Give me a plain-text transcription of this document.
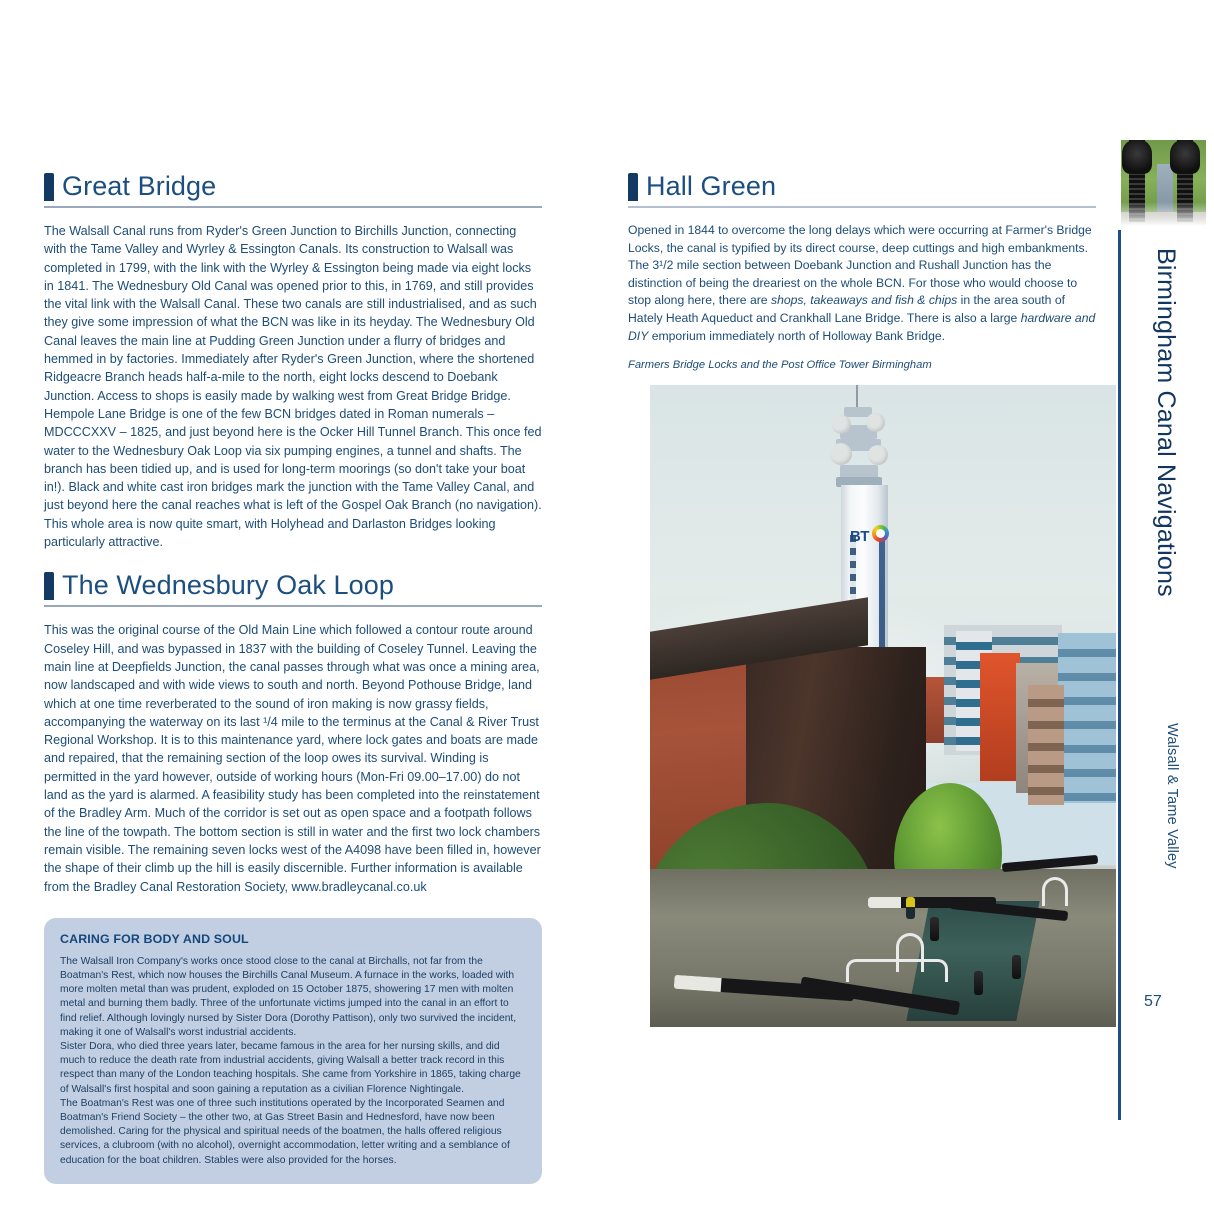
Great Bridge

The Walsall Canal runs from Ryder's Green Junction to Birchills Junction, connecting with the Tame Valley and Wyrley & Essington Canals. Its construction to Walsall was completed in 1799, with the link with the Wyrley & Essington being made via eight locks in 1841. The Wednesbury Old Canal was opened prior to this, in 1769, and still provides the vital link with the Walsall Canal. These two canals are still industrialised, and as such they give some impression of what the BCN was like in its heyday. The Wednesbury Old Canal leaves the main line at Pudding Green Junction under a flurry of bridges and hemmed in by factories. Immediately after Ryder's Green Junction, where the shortened Ridgeacre Branch heads half-a-mile to the north, eight locks descend to Doebank Junction. Access to shops is easily made by walking west from Great Bridge Bridge. Hempole Lane Bridge is one of the few BCN bridges dated in Roman numerals – MDCCCXXV – 1825, and just beyond here is the Ocker Hill Tunnel Branch. This once fed water to the Wednesbury Oak Loop via six pumping engines, a tunnel and shafts. The branch has been tidied up, and is used for long-term moorings (so don't take your boat in!). Black and white cast iron bridges mark the junction with the Tame Valley Canal, and just beyond here the canal reaches what is left of the Gospel Oak Branch (no navigation). This whole area is now quite smart, with Holyhead and Darlaston Bridges looking particularly attractive.

The Wednesbury Oak Loop

This was the original course of the Old Main Line which followed a contour route around Coseley Hill, and was bypassed in 1837 with the building of Coseley Tunnel. Leaving the main line at Deepfields Junction, the canal passes through what was once a mining area, now landscaped and with wide views to south and north. Beyond Pothouse Bridge, land which at one time reverberated to the sound of iron making is now grassy fields, accompanying the waterway on its last ¹/4 mile to the terminus at the Canal & River Trust Regional Workshop. It is to this maintenance yard, where lock gates and boats are made and repaired, that the remaining section of the loop owes its survival. Winding is permitted in the yard however, outside of working hours (Mon-Fri 09.00–17.00) do not land as the yard is alarmed. A feasibility study has been completed into the reinstatement of the Bradley Arm. Much of the corridor is set out as open space and a footpath follows the line of the towpath. The bottom section is still in water and the first two lock chambers remain visible. The remaining seven locks west of the A4098 have been filled in, however the shape of their climb up the hill is easily discernible. Further information is available from the Bradley Canal Restoration Society, www.bradleycanal.co.uk

CARING FOR BODY AND SOUL

The Walsall Iron Company's works once stood close to the canal at Birchalls, not far from the Boatman's Rest, which now houses the Birchills Canal Museum. A furnace in the works, loaded with more molten metal than was prudent, exploded on 15 October 1875, showering 17 men with molten metal and burning them badly. Three of the unfortunate victims jumped into the canal in an effort to find relief. Although lovingly nursed by Sister Dora (Dorothy Pattison), only two survived the incident, making it one of Walsall's worst industrial accidents.

Sister Dora, who died three years later, became famous in the area for her nursing skills, and did much to reduce the death rate from industrial accidents, giving Walsall a better track record in this respect than many of the London teaching hospitals. She came from Yorkshire in 1865, taking charge of Walsall's first hospital and soon gaining a reputation as a civilian Florence Nightingale.

The Boatman's Rest was one of three such institutions operated by the Incorporated Seamen and Boatman's Friend Society – the other two, at Gas Street Basin and Hednesford, have now been demolished. Caring for the physical and spiritual needs of the boatmen, the halls offered religious services, a clubroom (with no alcohol), overnight accommodation, letter writing and a semblance of education for the boat children. Stables were also provided for the horses.

Hall Green

Opened in 1844 to overcome the long delays which were occurring at Farmer's Bridge Locks, the canal is typified by its direct course, deep cuttings and high embankments. The 3¹/2 mile section between Doebank Junction and Rushall Junction has the distinction of being the dreariest on the whole BCN. For those who would choose to stop along here, there are shops, takeaways and fish & chips in the area south of Hately Heath Aqueduct and Crankhall Lane Bridge. There is also a large hardware and DIY emporium immediately north of Holloway Bank Bridge.

Farmers Bridge Locks and the Post Office Tower Birmingham
BT	Birmingham Canal Navigations
Walsall & Tame Valley
57
